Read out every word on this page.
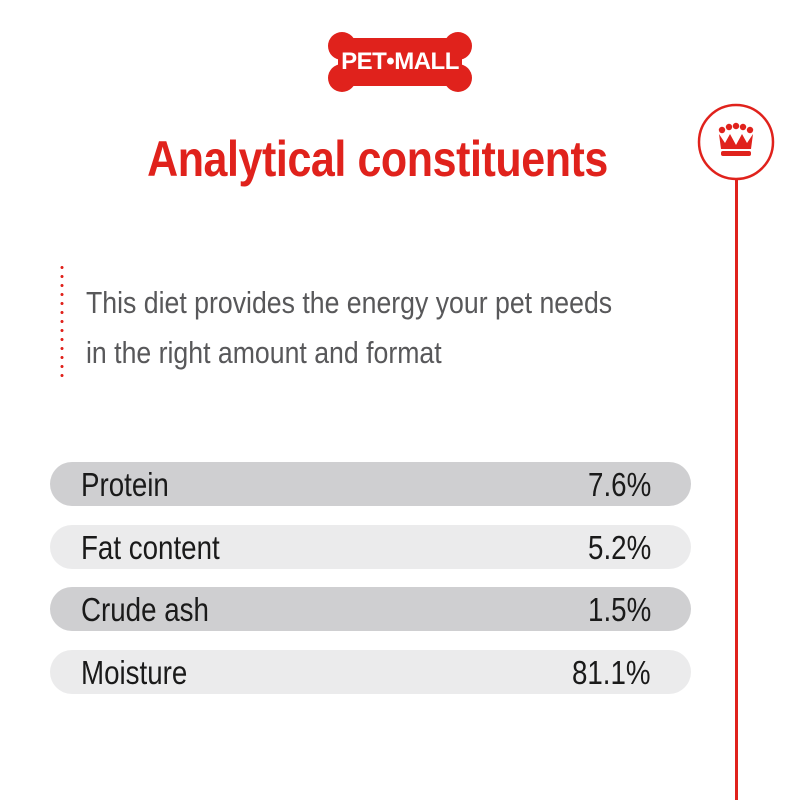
PET•MALL
Analytical constituents
This diet provides the energy your pet needs
in the right amount and format
Protein	7.6%
Fat content	5.2%
Crude ash	1.5%
Moisture	81.1%
